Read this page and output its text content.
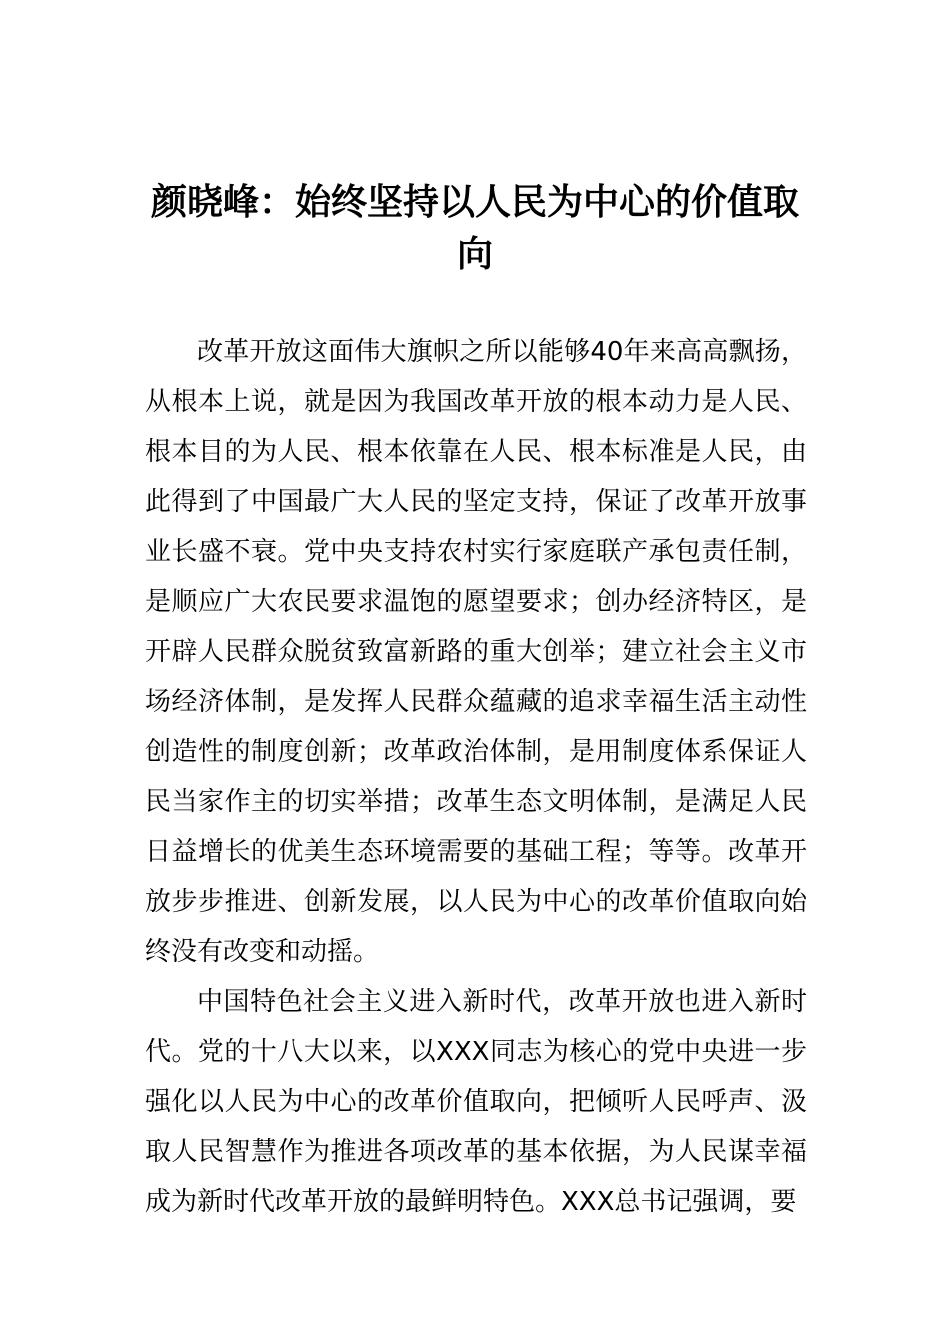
颜晓峰：始终坚持以人民为中心的价值取向

改革开放这面伟大旗帜之所以能够40年来高高飘扬，从根本上说，就是因为我国改革开放的根本动力是人民、根本目的为人民、根本依靠在人民、根本标准是人民，由此得到了中国最广大人民的坚定支持，保证了改革开放事业长盛不衰。党中央支持农村实行家庭联产承包责任制，是顺应广大农民要求温饱的愿望要求；创办经济特区，是开辟人民群众脱贫致富新路的重大创举；建立社会主义市场经济体制，是发挥人民群众蕴藏的追求幸福生活主动性创造性的制度创新；改革政治体制，是用制度体系保证人民当家作主的切实举措；改革生态文明体制，是满足人民日益增长的优美生态环境需要的基础工程；等等。改革开放步步推进、创新发展，以人民为中心的改革价值取向始终没有改变和动摇。

中国特色社会主义进入新时代，改革开放也进入新时代。党的十八大以来，以XXX同志为核心的党中央进一步强化以人民为中心的改革价值取向，把倾听人民呼声、汲取人民智慧作为推进各项改革的基本依据，为人民谋幸福成为新时代改革开放的最鲜明特色。XXX总书记强调，要
